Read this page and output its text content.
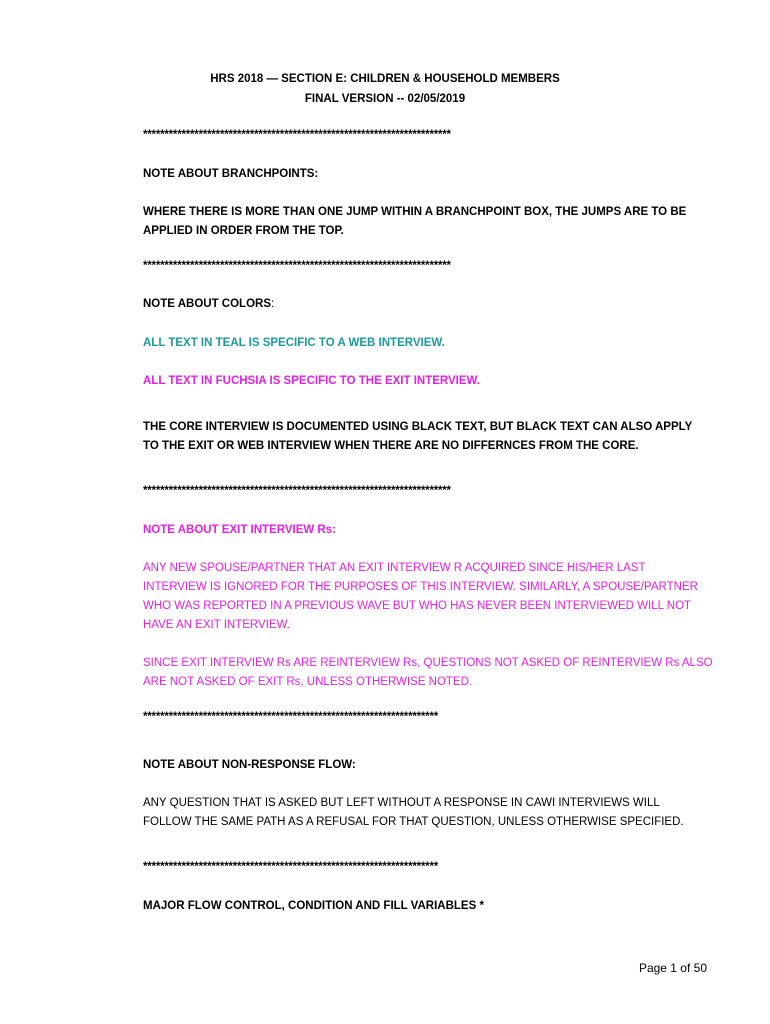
HRS 2018 — SECTION E: CHILDREN & HOUSEHOLD MEMBERS
FINAL VERSION -- 02/05/2019
************************************************************************
NOTE ABOUT BRANCHPOINTS:
WHERE THERE IS MORE THAN ONE JUMP WITHIN A BRANCHPOINT BOX, THE JUMPS ARE TO BE
APPLIED IN ORDER FROM THE TOP.
************************************************************************
NOTE ABOUT COLORS:
ALL TEXT IN TEAL IS SPECIFIC TO A WEB INTERVIEW.
ALL TEXT IN FUCHSIA IS SPECIFIC TO THE EXIT INTERVIEW.
THE CORE INTERVIEW IS DOCUMENTED USING BLACK TEXT, BUT BLACK TEXT CAN ALSO APPLY
TO THE EXIT OR WEB INTERVIEW WHEN THERE ARE NO DIFFERNCES FROM THE CORE.
************************************************************************
NOTE ABOUT EXIT INTERVIEW Rs:
ANY NEW SPOUSE/PARTNER THAT AN EXIT INTERVIEW R ACQUIRED SINCE HIS/HER LAST
INTERVIEW IS IGNORED FOR THE PURPOSES OF THIS INTERVIEW. SIMILARLY, A SPOUSE/PARTNER
WHO WAS REPORTED IN A PREVIOUS WAVE BUT WHO HAS NEVER BEEN INTERVIEWED WILL NOT
HAVE AN EXIT INTERVIEW.
SINCE EXIT INTERVIEW Rs ARE REINTERVIEW Rs, QUESTIONS NOT ASKED OF REINTERVIEW Rs ALSO
ARE NOT ASKED OF EXIT Rs, UNLESS OTHERWISE NOTED.
*********************************************************************
NOTE ABOUT NON-RESPONSE FLOW:
ANY QUESTION THAT IS ASKED BUT LEFT WITHOUT A RESPONSE IN CAWI INTERVIEWS WILL
FOLLOW THE SAME PATH AS A REFUSAL FOR THAT QUESTION, UNLESS OTHERWISE SPECIFIED.
*********************************************************************
MAJOR FLOW CONTROL, CONDITION AND FILL VARIABLES *
Page 1 of 50
